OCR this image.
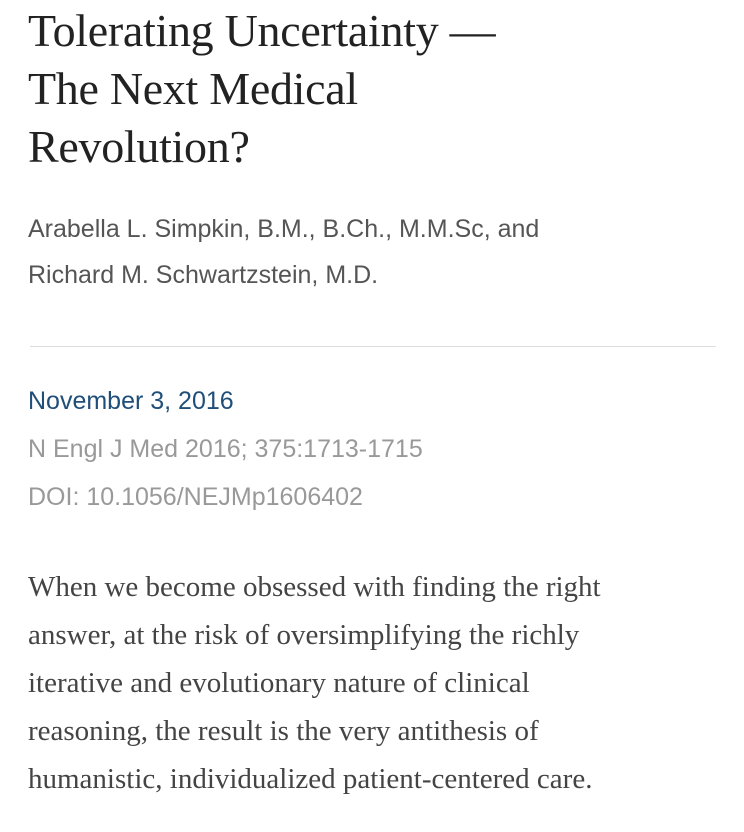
Tolerating Uncertainty —
The Next Medical
Revolution?
Arabella L. Simpkin, B.M., B.Ch., M.M.Sc, and
Richard M. Schwartzstein, M.D.
November 3, 2016
N Engl J Med 2016; 375:1713-1715
DOI: 10.1056/NEJMp1606402
When we become obsessed with finding the right
answer, at the risk of oversimplifying the richly
iterative and evolutionary nature of clinical
reasoning, the result is the very antithesis of
humanistic, individualized patient-centered care.
